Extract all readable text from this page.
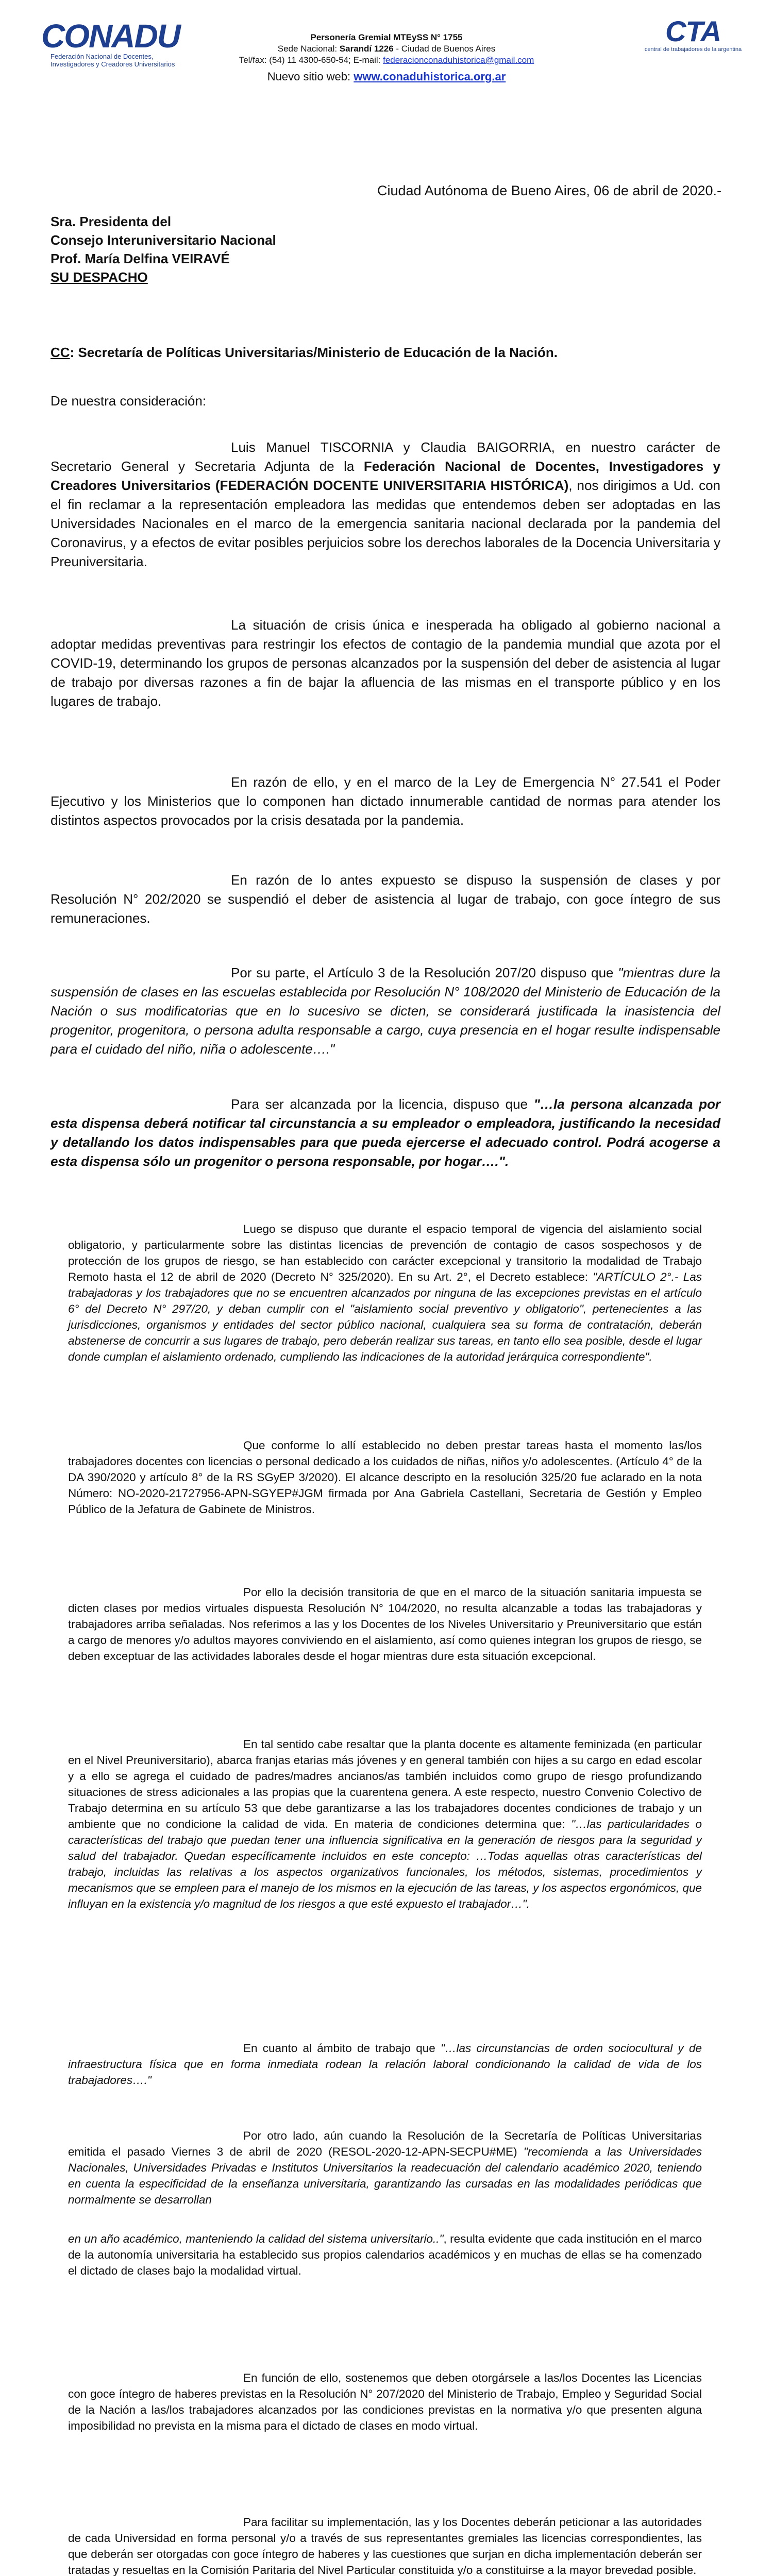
CONADU
Federación Nacional de Docentes,
Investigadores y Creadores Universitarios
Personería Gremial MTEySS N° 1755
Sede Nacional: Sarandí 1226 - Ciudad de Buenos Aires
Tel/fax: (54) 11 4300-650-54; E-mail: federacionconaduhistorica@gmail.com
Nuevo sitio web: www.conaduhistorica.org.ar
CTA
central de trabajadores de la argentina
Ciudad Autónoma de Bueno Aires, 06 de abril de 2020.-
Sra. Presidenta del
Consejo Interuniversitario Nacional
Prof. María Delfina VEIRAVÉ
SU DESPACHO
CC: Secretaría de Políticas Universitarias/Ministerio de Educación de la Nación.
De nuestra consideración:
Luis Manuel TISCORNIA y Claudia BAIGORRIA, en nuestro carácter de Secretario General y Secretaria Adjunta de la Federación Nacional de Docentes, Investigadores y Creadores Universitarios (FEDERACIÓN DOCENTE UNIVERSITARIA HISTÓRICA), nos dirigimos a Ud. con el fin reclamar a la representación empleadora las medidas que entendemos deben ser adoptadas en las Universidades Nacionales en el marco de la emergencia sanitaria nacional declarada por la pandemia del Coronavirus, y a efectos de evitar posibles perjuicios sobre los derechos laborales de la Docencia Universitaria y Preuniversitaria.
La situación de crisis única e inesperada ha obligado al gobierno nacional a adoptar medidas preventivas para restringir los efectos de contagio de la pandemia mundial que azota por el COVID-19, determinando los grupos de personas alcanzados por la suspensión del deber de asistencia al lugar de trabajo por diversas razones a fin de bajar la afluencia de las mismas en el transporte público y en los lugares de trabajo.
En razón de ello, y en el marco de la Ley de Emergencia N° 27.541 el Poder Ejecutivo y los Ministerios que lo componen han dictado innumerable cantidad de normas para atender los distintos aspectos provocados por la crisis desatada por la pandemia.
En razón de lo antes expuesto se dispuso la suspensión de clases y por Resolución N° 202/2020 se suspendió el deber de asistencia al lugar de trabajo, con goce íntegro de sus remuneraciones.
Por su parte, el Artículo 3 de la Resolución 207/20 dispuso que "mientras dure la suspensión de clases en las escuelas establecida por Resolución N° 108/2020 del Ministerio de Educación de la Nación o sus modificatorias que en lo sucesivo se dicten, se considerará justificada la inasistencia del progenitor, progenitora, o persona adulta responsable a cargo, cuya presencia en el hogar resulte indispensable para el cuidado del niño, niña o adolescente…."
Para ser alcanzada por la licencia, dispuso que "…la persona alcanzada por esta dispensa deberá notificar tal circunstancia a su empleador o empleadora, justificando la necesidad y detallando los datos indispensables para que pueda ejercerse el adecuado control. Podrá acogerse a esta dispensa sólo un progenitor o persona responsable, por hogar….".
Luego se dispuso que durante el espacio temporal de vigencia del aislamiento social obligatorio, y particularmente sobre las distintas licencias de prevención de contagio de casos sospechosos y de protección de los grupos de riesgo, se han establecido con carácter excepcional y transitorio la modalidad de Trabajo Remoto hasta el 12 de abril de 2020 (Decreto N° 325/2020). En su Art. 2°, el Decreto establece: "ARTÍCULO 2°.- Las trabajadoras y los trabajadores que no se encuentren alcanzados por ninguna de las excepciones previstas en el artículo 6° del Decreto N° 297/20, y deban cumplir con el "aislamiento social preventivo y obligatorio", pertenecientes a las jurisdicciones, organismos y entidades del sector público nacional, cualquiera sea su forma de contratación, deberán abstenerse de concurrir a sus lugares de trabajo, pero deberán realizar sus tareas, en tanto ello sea posible, desde el lugar donde cumplan el aislamiento ordenado, cumpliendo las indicaciones de la autoridad jerárquica correspondiente".
Que conforme lo allí establecido no deben prestar tareas hasta el momento las/los trabajadores docentes con licencias o personal dedicado a los cuidados de niñas, niños y/o adolescentes. (Artículo 4° de la DA 390/2020 y artículo 8° de la RS SGyEP 3/2020). El alcance descripto en la resolución 325/20 fue aclarado en la nota Número: NO-2020-21727956-APN-SGYEP#JGM firmada por Ana Gabriela Castellani, Secretaria de Gestión y Empleo Público de la Jefatura de Gabinete de Ministros.
Por ello la decisión transitoria de que en el marco de la situación sanitaria impuesta se dicten clases por medios virtuales dispuesta Resolución N° 104/2020, no resulta alcanzable a todas las trabajadoras y trabajadores arriba señaladas. Nos referimos a las y los Docentes de los Niveles Universitario y Preuniversitario que están a cargo de menores y/o adultos mayores conviviendo en el aislamiento, así como quienes integran los grupos de riesgo, se deben exceptuar de las actividades laborales desde el hogar mientras dure esta situación excepcional.
En tal sentido cabe resaltar que la planta docente es altamente feminizada (en particular en el Nivel Preuniversitario), abarca franjas etarias más jóvenes y en general también con hijes a su cargo en edad escolar y a ello se agrega el cuidado de padres/madres ancianos/as también incluidos como grupo de riesgo profundizando situaciones de stress adicionales a las propias que la cuarentena genera. A este respecto, nuestro Convenio Colectivo de Trabajo determina en su artículo 53 que debe garantizarse a las los trabajadores docentes condiciones de trabajo y un ambiente que no condicione la calidad de vida. En materia de condiciones determina que: "…las particularidades o características del trabajo que puedan tener una influencia significativa en la generación de riesgos para la seguridad y salud del trabajador. Quedan específicamente incluidos en este concepto: …Todas aquellas otras características del trabajo, incluidas las relativas a los aspectos organizativos funcionales, los métodos, sistemas, procedimientos y mecanismos que se empleen para el manejo de los mismos en la ejecución de las tareas, y los aspectos ergonómicos, que influyan en la existencia y/o magnitud de los riesgos a que esté expuesto el trabajador…".
En cuanto al ámbito de trabajo que "…las circunstancias de orden sociocultural y de infraestructura física que en forma inmediata rodean la relación laboral condicionando la calidad de vida de los trabajadores…."
Por otro lado, aún cuando la Resolución de la Secretaría de Políticas Universitarias emitida el pasado Viernes 3 de abril de 2020 (RESOL-2020-12-APN-SECPU#ME) "recomienda a las Universidades Nacionales, Universidades Privadas e Institutos Universitarios la readecuación del calendario académico 2020, teniendo en cuenta la especificidad de la enseñanza universitaria, garantizando las cursadas en las modalidades periódicas que normalmente se desarrollan
en un año académico, manteniendo la calidad del sistema universitario..", resulta evidente que cada institución en el marco de la autonomía universitaria ha establecido sus propios calendarios académicos y en muchas de ellas se ha comenzado el dictado de clases bajo la modalidad virtual.
En función de ello, sostenemos que deben otorgársele a las/los Docentes las Licencias con goce íntegro de haberes previstas en la Resolución N° 207/2020 del Ministerio de Trabajo, Empleo y Seguridad Social de la Nación a las/los trabajadores alcanzados por las condiciones previstas en la normativa y/o que presenten alguna imposibilidad no prevista en la misma para el dictado de clases en modo virtual.
Para facilitar su implementación, las y los Docentes deberán peticionar a las autoridades de cada Universidad en forma personal y/o a través de sus representantes gremiales las licencias correspondientes, las que deberán ser otorgadas con goce íntegro de haberes y las cuestiones que surjan en dicha implementación deberán ser tratadas y resueltas en la Comisión Paritaria del Nivel Particular constituida y/o a constituirse a la mayor brevedad posible.
